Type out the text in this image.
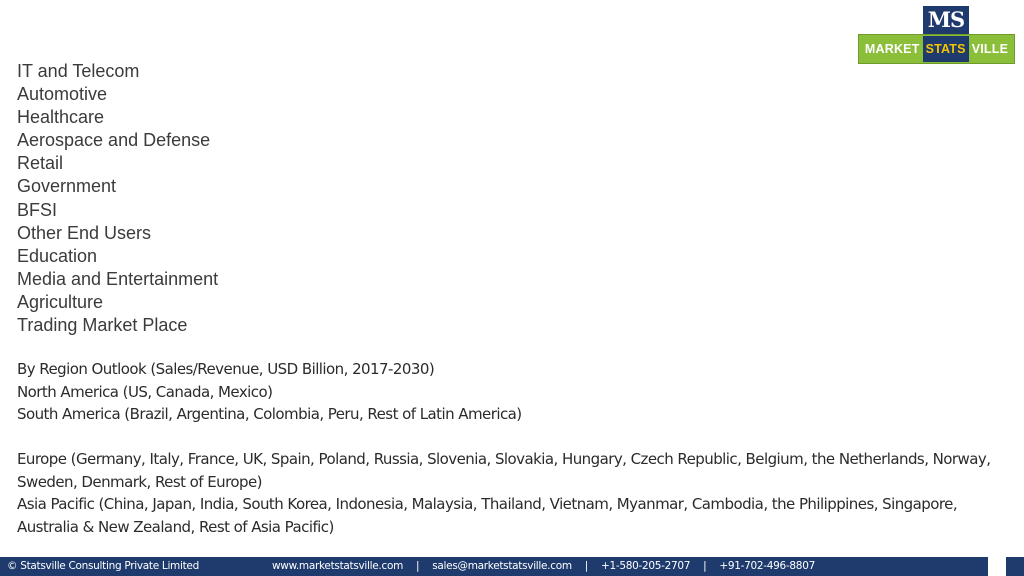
MS
MARKET STATS VILLE
IT and Telecom
Automotive
Healthcare
Aerospace and Defense
Retail
Government
BFSI
Other End Users
Education
Media and Entertainment
Agriculture
Trading Market Place

By Region Outlook (Sales/Revenue, USD Billion, 2017-2030)

North America (US, Canada, Mexico)

South America (Brazil, Argentina, Colombia, Peru, Rest of Latin America)

Europe (Germany, Italy, France, UK, Spain, Poland, Russia, Slovenia, Slovakia, Hungary, Czech Republic, Belgium, the Netherlands, Norway, Sweden, Denmark, Rest of Europe)

Asia Pacific (China, Japan, India, South Korea, Indonesia, Malaysia, Thailand, Vietnam, Myanmar, Cambodia, the Philippines, Singapore, Australia & New Zealand, Rest of Asia Pacific)

© Statsville Consulting Private Limited	www.marketstatsville.com | sales@marketstatsville.com | +1-580-205-2707 | +91-702-496-8807
